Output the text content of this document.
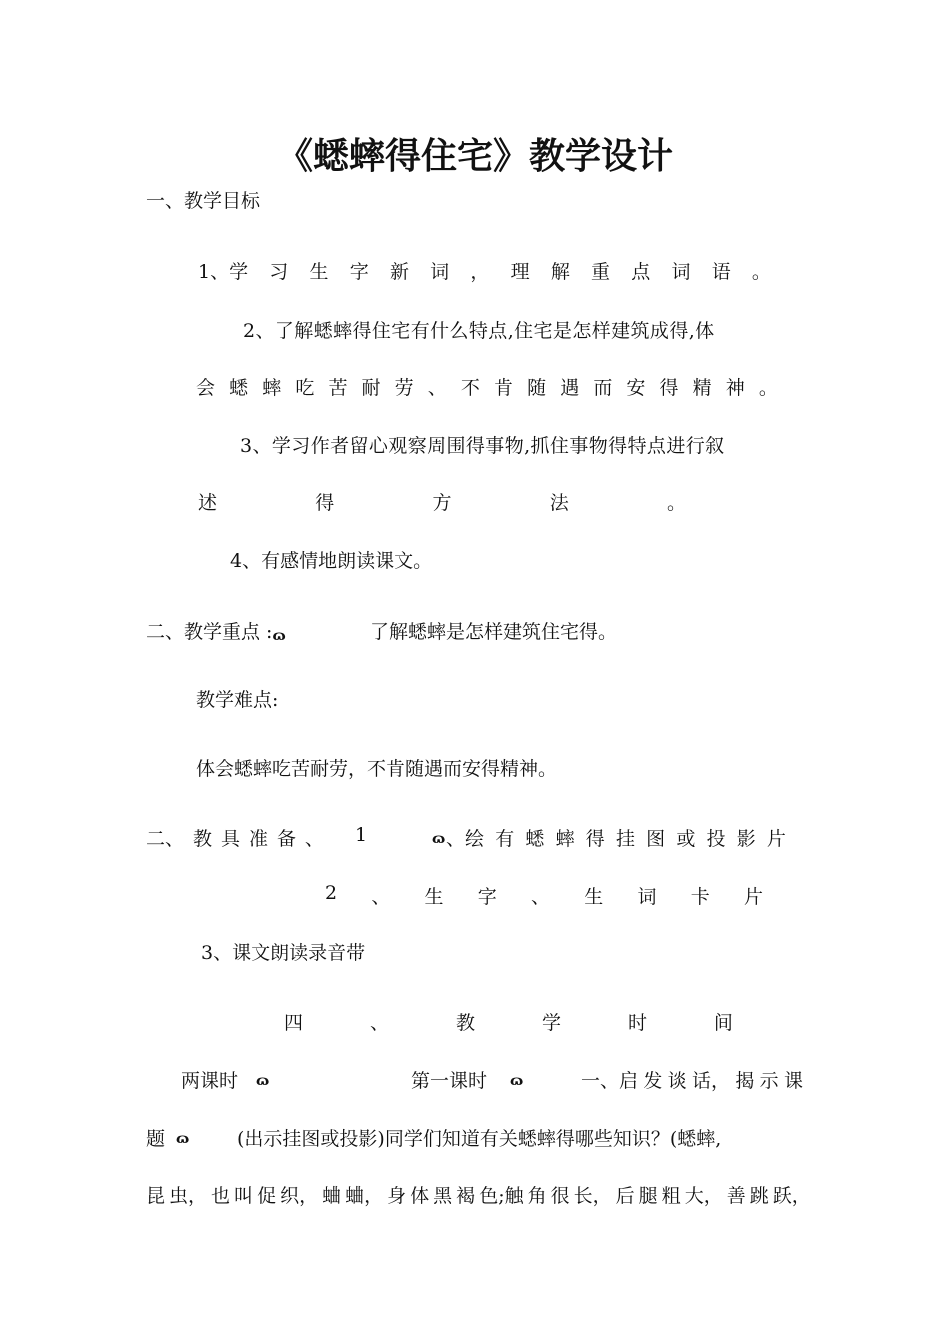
《蟋蟀得住宅》教学设计
一、教学目标
1、学 习 生 字 新 词 ， 理 解 重 点 词 语 。
2、了解蟋蟀得住宅有什么特点,住宅是怎样建筑成得,体
会 蟋 蟀 吃 苦 耐 劳 、 不 肯 随 遇 而 安 得 精 神 。
3、学习作者留心观察周围得事物,抓住事物得特点进行叙
述	得	方	法	。
4、有感情地朗读课文。
二、教学重点 :ɷ	了解蟋蟀是怎样建筑住宅得。
教学难点:
体会蟋蟀吃苦耐劳，不肯随遇而安得精神。
二、 教 具 准 备 、 1	ɷ 、绘 有 蟋 蟀 得 挂 图 或 投 影 片
2 、 生 字 、 生 词 卡 片
3、课文朗读录音带
四	、	教	学	时	间
两课时 ɷ	第一课时 ɷ	一、启 发 谈 话， 揭 示 课
题 ɷ	(出示挂图或投影)同学们知道有关蟋蟀得哪些知识？(蟋蟀,
昆 虫， 也 叫 促 织， 蛐 蛐， 身 体 黑 褐 色;触 角 很 长， 后 腿 粗 大， 善 跳 跃，
